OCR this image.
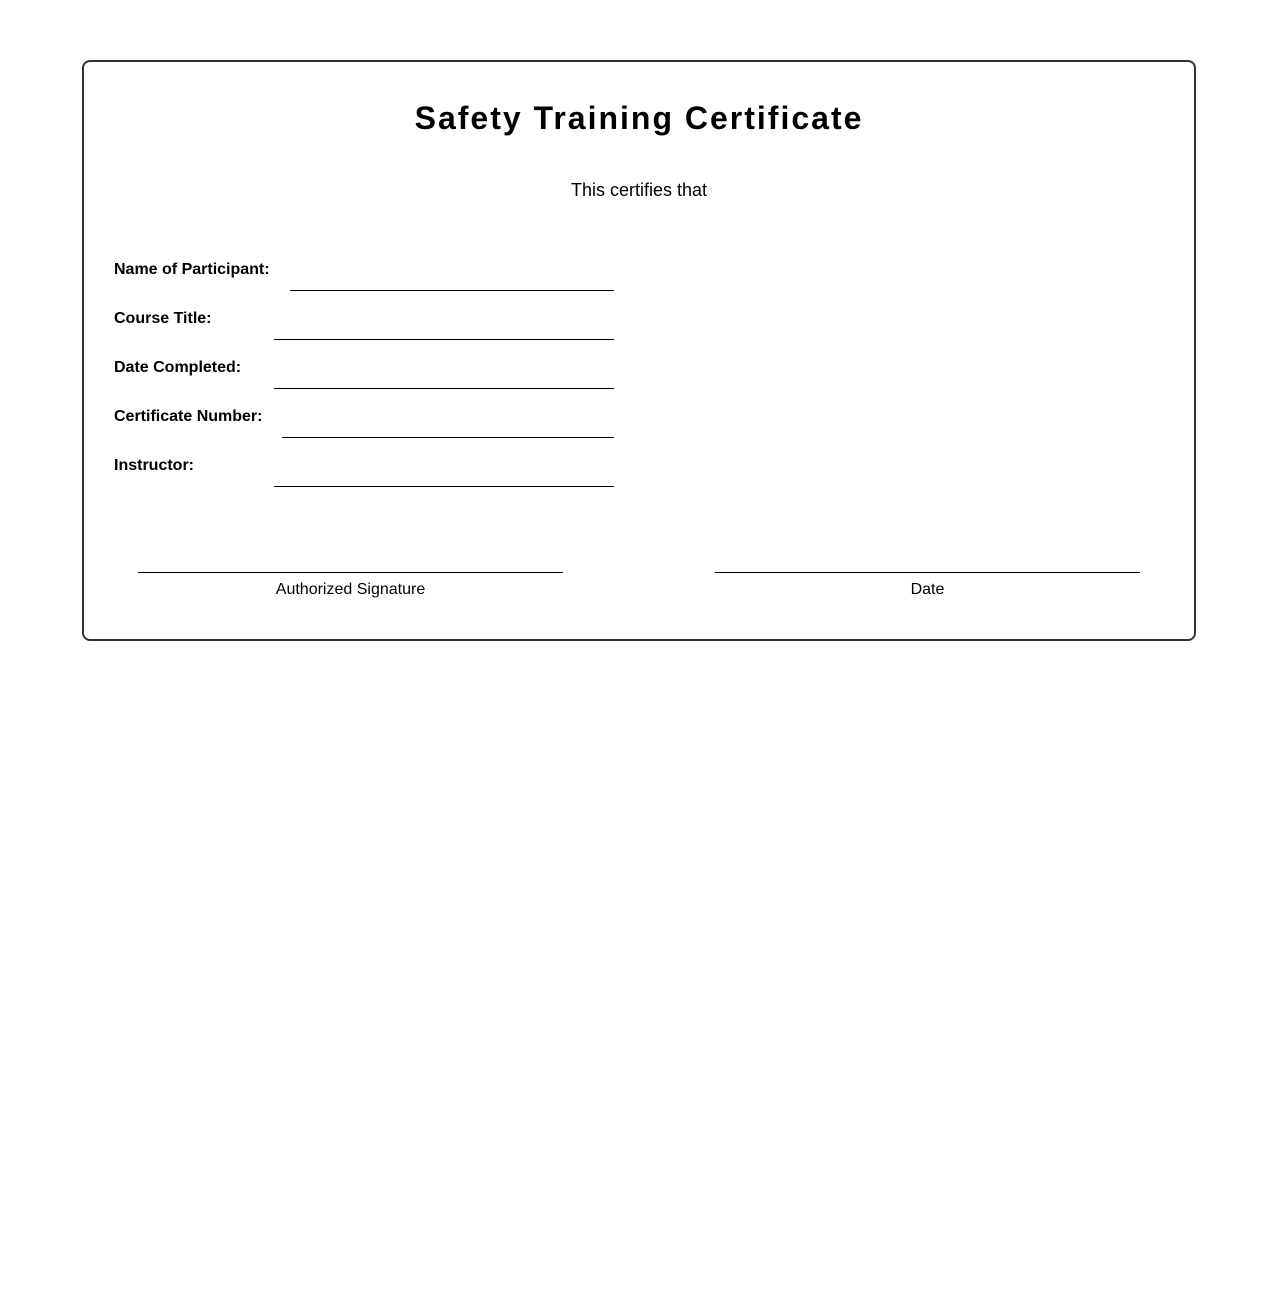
Safety Training Certificate

This certifies that

Name of Participant:
Course Title:
Date Completed:
Certificate Number:
Instructor:
Authorized Signature	Date
